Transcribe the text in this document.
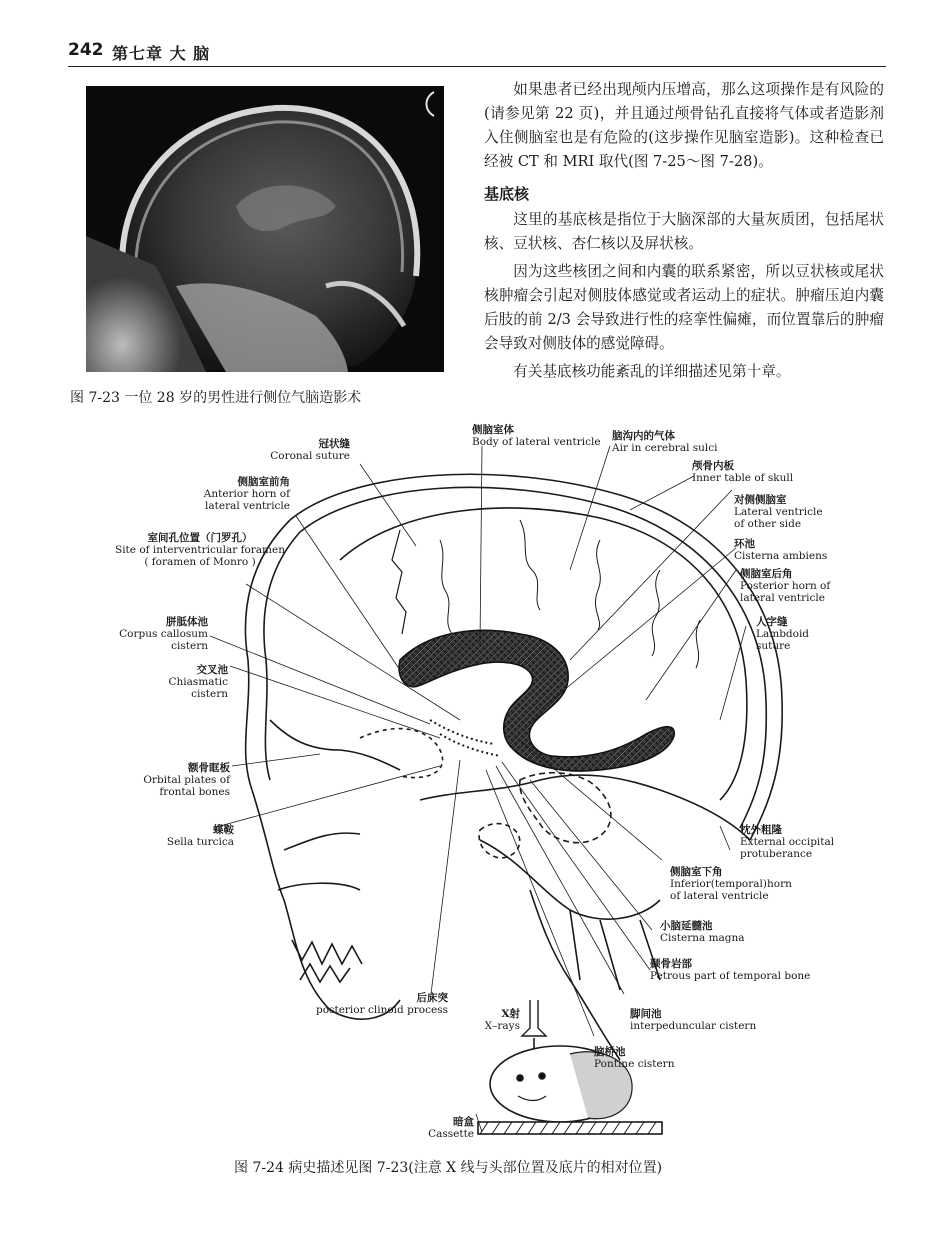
242 第七章 大 脑
图 7-23 一位 28 岁的男性进行侧位气脑造影术

如果患者已经出现颅内压增高，那么这项操作是有风险的(请参见第 22 页)，并且通过颅骨钻孔直接将气体或者造影剂入住侧脑室也是有危险的(这步操作见脑室造影)。这种检查已经被 CT 和 MRI 取代(图 7-25～图 7-28)。

基底核

这里的基底核是指位于大脑深部的大量灰质团，包括尾状核、豆状核、杏仁核以及屏状核。

因为这些核团之间和内囊的联系紧密，所以豆状核或尾状核肿瘤会引起对侧肢体感觉或者运动上的症状。肿瘤压迫内囊后肢的前 2/3 会导致进行性的痉挛性偏瘫，而位置靠后的肿瘤会导致对侧肢体的感觉障碍。

有关基底核功能紊乱的详细描述见第十章。

冠状缝
Coronal suture
侧脑室体
Body of lateral ventricle	脑沟内的气体
Air in cerebral sulci
颅骨内板
Inner table of skull
侧脑室前角
Anterior horn of
lateral ventricle	对侧侧脑室
Lateral ventricle
of other side
室间孔位置（门罗孔）
Site of interventricular foramen
( foramen of Monro )
环池
Cisterna ambiens
侧脑室后角
Posterior horn of
lateral ventricle
人字缝
Lambdoid
suture
胼胝体池
Corpus callosum
cistern
交叉池
Chiasmatic
cistern
额骨眶板
Orbital plates of
frontal bones
蝶鞍
Sella turcica
枕外粗隆
External occipital
protuberance
侧脑室下角
Inferior(temporal)horn
of lateral ventricle
小脑延髓池
Cisterna magna
颞骨岩部
Petrous part of temporal bone
后床突
posterior clinoid process	X射
X–rays
脚间池
interpeduncular cistern
脑桥池
Pontine cistern
暗盒
Cassette
图 7-24 病史描述见图 7-23(注意 X 线与头部位置及底片的相对位置)
